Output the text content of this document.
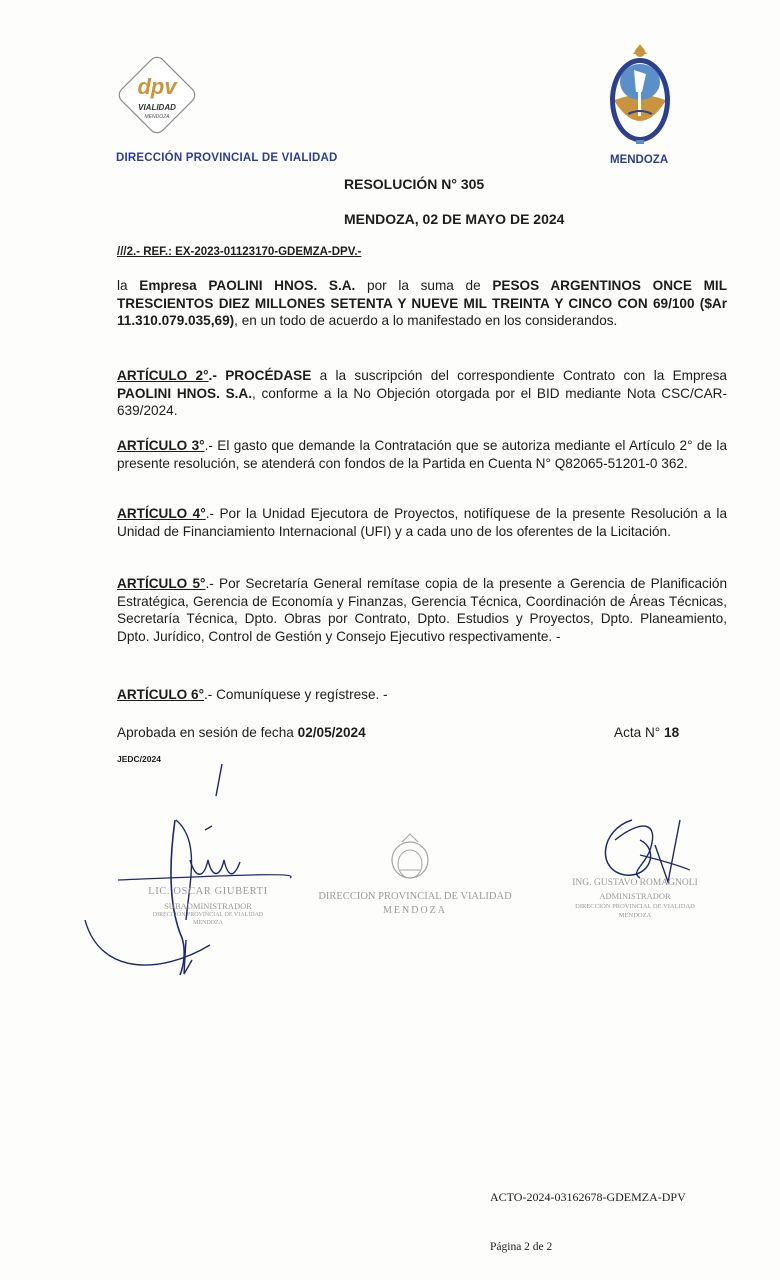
dpv
VIALIDAD
MENDOZA
DIRECCIÓN PROVINCIAL DE VIALIDAD	MENDOZA
RESOLUCIÓN N° 305
MENDOZA, 02 DE MAYO DE 2024
///2.- REF.: EX-2023-01123170-GDEMZA-DPV.-
la Empresa PAOLINI HNOS. S.A. por la suma de PESOS ARGENTINOS ONCE MIL TRESCIENTOS DIEZ MILLONES SETENTA Y NUEVE MIL TREINTA Y CINCO CON 69/100 ($Ar 11.310.079.035,69), en un todo de acuerdo a lo manifestado en los considerandos.
ARTÍCULO 2°.- PROCÉDASE a la suscripción del correspondiente Contrato con la Empresa PAOLINI HNOS. S.A., conforme a la No Objeción otorgada por el BID mediante Nota CSC/CAR-639/2024.
ARTÍCULO 3°.- El gasto que demande la Contratación que se autoriza mediante el Artículo 2° de la presente resolución, se atenderá con fondos de la Partida en Cuenta N° Q82065-51201-0 362.
ARTÍCULO 4°.- Por la Unidad Ejecutora de Proyectos, notifíquese de la presente Resolución a la Unidad de Financiamiento Internacional (UFI) y a cada uno de los oferentes de la Licitación.
ARTÍCULO 5°.- Por Secretaría General remítase copia de la presente a Gerencia de Planificación Estratégica, Gerencia de Economía y Finanzas, Gerencia Técnica, Coordinación de Áreas Técnicas, Secretaría Técnica, Dpto. Obras por Contrato, Dpto. Estudios y Proyectos, Dpto. Planeamiento, Dpto. Jurídico, Control de Gestión y Consejo Ejecutivo respectivamente. -
ARTÍCULO 6°.- Comuníquese y regístrese. -
Aprobada en sesión de fecha 02/05/2024	Acta N° 18
JEDC/2024
LIC. OSCAR GIUBERTI
SUBADMINISTRADOR
DIRECCIÓN PROVINCIAL DE VIALIDAD
MENDOZA
DIRECCION PROVINCIAL DE VIALIDAD
MENDOZA
ING. GUSTAVO ROMAGNOLI
ADMINISTRADOR
DIRECCIÓN PROVINCIAL DE VIALIDAD
MENDOZA
ACTO-2024-03162678-GDEMZA-DPV
Página 2 de 2
